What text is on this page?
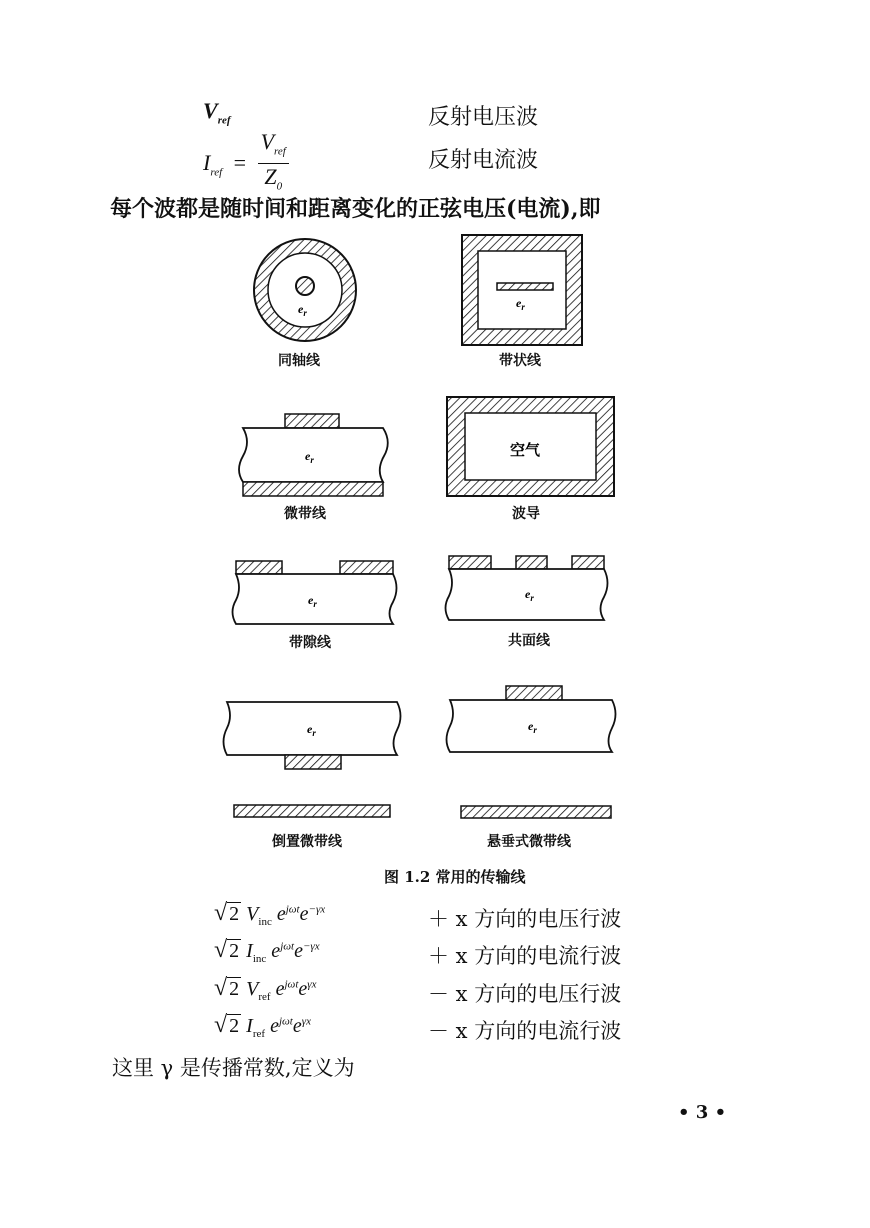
$V_{ref}$	反射电压波
$I_{ref} = \frac{V_{ref}}{Z_0}$	反射电流波
每个波都是随时间和距离变化的正弦电压(电流),即
$e_r$
$e_r$
$e_r$
空气
$e_r$
$e_r$
$e_r$	$e_r$
同轴线	带状线
微带线	波导
带隙线	共面线
倒置微带线	悬垂式微带线
图 1.2 常用的传输线
√ 2 $V_{inc}$ $e^{j\omega t}e^{-\gamma x}$	＋ x 方向的电压行波
√ 2 $I_{inc}$ $e^{j\omega t}e^{-\gamma x}$	＋ x 方向的电流行波
√ 2 $V_{ref}$ $e^{j\omega t}e^{\gamma x}$	－ x 方向的电压行波
√ 2 $I_{ref}$ $e^{j\omega t}e^{\gamma x}$	－ x 方向的电流行波
这里 γ 是传播常数,定义为
• 3 •
